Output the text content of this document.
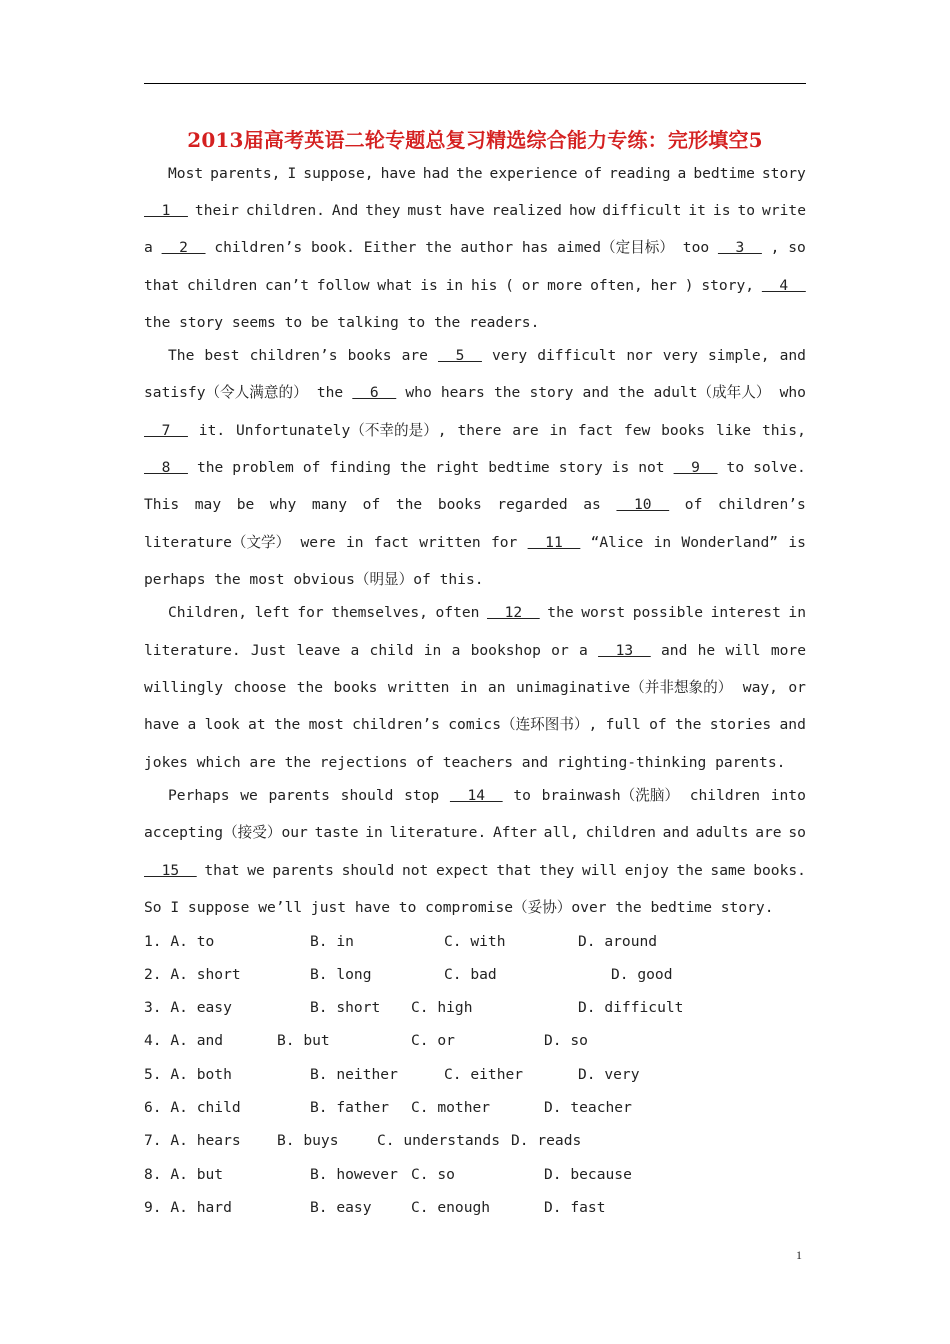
2013届高考英语二轮专题总复习精选综合能力专练：完形填空5
Most parents, I suppose, have had the experience of reading a bedtime story
1 their children. And they must have realized how difficult it is to write
a 2 children’s book. Either the author has aimed（定目标） too 3 , so
that children can’t follow what is in his ( or more often, her ) story, 4
the story seems to be talking to the readers.
The best children’s books are 5 very difficult nor very simple, and
satisfy（令人满意的） the 6 who hears the story and the adult（成年人） who
7 it. Unfortunately（不幸的是）, there are in fact few books like this,
8 the problem of finding the right bedtime story is not 9 to solve.
This may be why many of the books regarded as 10 of children’s
literature（文学） were in fact written for 11 “Alice in Wonderland” is
perhaps the most obvious（明显）of this.
Children, left for themselves, often 12 the worst possible interest in
literature. Just leave a child in a bookshop or a 13 and he will more
willingly choose the books written in an unimaginative（并非想象的） way, or
have a look at the most children’s comics（连环图书）, full of the stories and
jokes which are the rejections of teachers and righting-thinking parents.
Perhaps we parents should stop 14 to brainwash（洗脑） children into
accepting（接受）our taste in literature. After all, children and adults are so
15 that we parents should not expect that they will enjoy the same books.
So I suppose we’ll just have to compromise（妥协）over the bedtime story.
1. A. to	B. in	C. with	D. around
2. A. short	B. long	C. bad	D. good
3. A. easy	B. short C. high	D. difficult
4. A. and	B. but	C. or	D. so
5. A. both	B. neither	C. either	D. very
6. A. child	B. father C. mother	D. teacher
7. A. hears B. buys	C. understands D. reads
8. A. but	B. however C. so	D. because
9. A. hard	B. easy	C. enough	D. fast
1
